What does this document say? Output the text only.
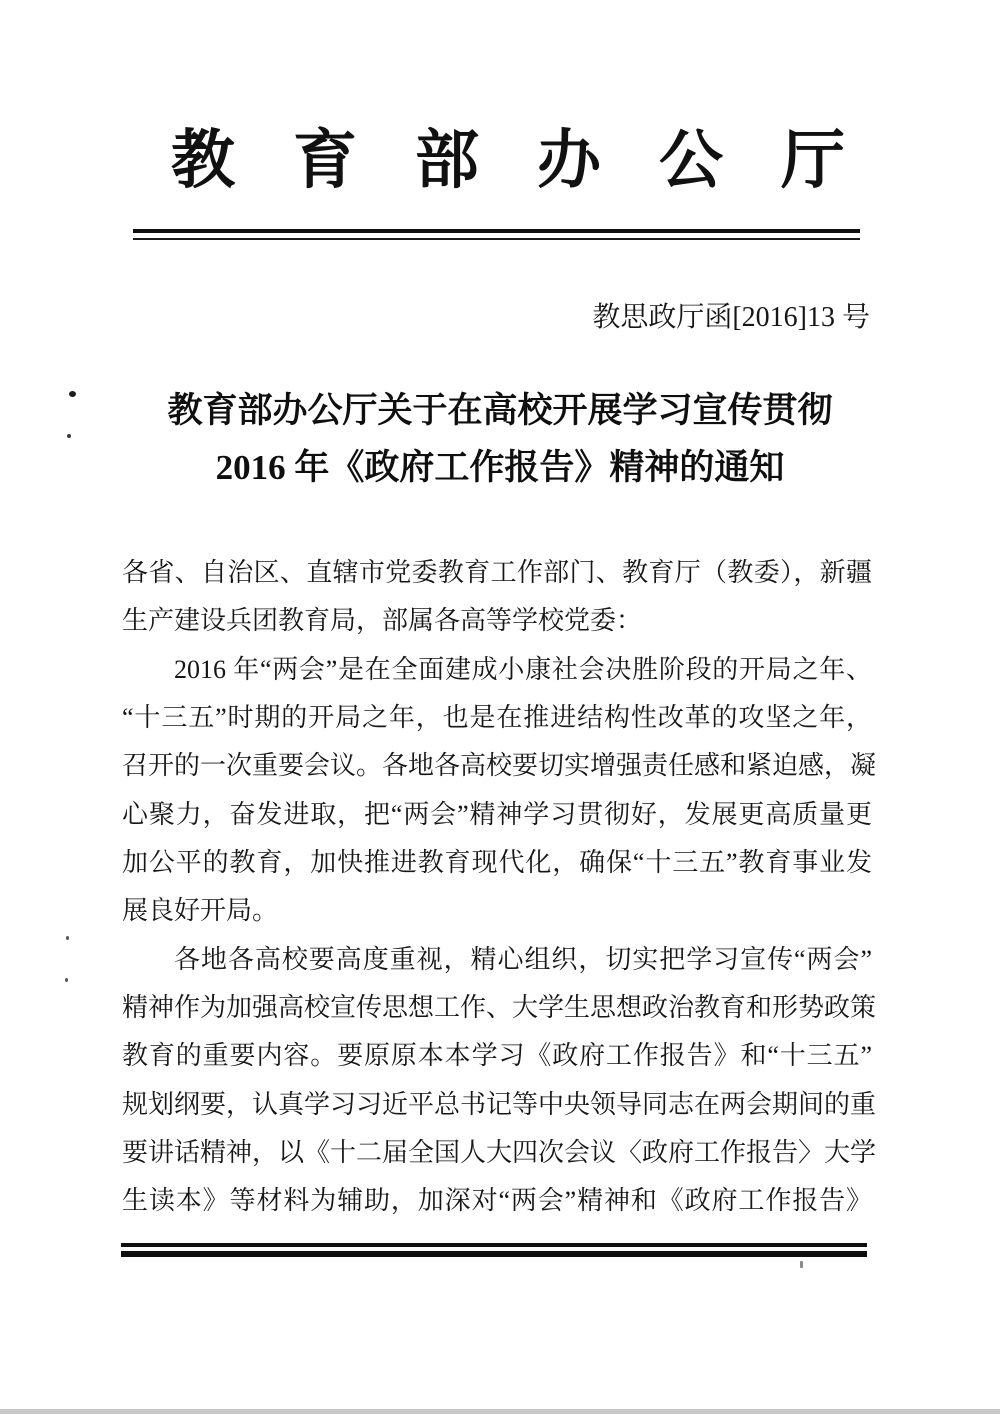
教育部办公厅
教思政厅函[2016]13 号
教育部办公厅关于在高校开展学习宣传贯彻
2016 年《政府工作报告》精神的通知
各省、自治区、直辖市党委教育工作部门、教育厅（教委），新疆
生产建设兵团教育局，部属各高等学校党委：
2016 年“两会”是在全面建成小康社会决胜阶段的开局之年、
“十三五”时期的开局之年，也是在推进结构性改革的攻坚之年，
召开的一次重要会议。各地各高校要切实增强责任感和紧迫感，凝
心聚力，奋发进取，把“两会”精神学习贯彻好，发展更高质量更
加公平的教育，加快推进教育现代化，确保“十三五”教育事业发
展良好开局。
各地各高校要高度重视，精心组织，切实把学习宣传“两会”
精神作为加强高校宣传思想工作、大学生思想政治教育和形势政策
教育的重要内容。要原原本本学习《政府工作报告》和“十三五”
规划纲要，认真学习习近平总书记等中央领导同志在两会期间的重
要讲话精神，以《十二届全国人大四次会议〈政府工作报告〉大学
生读本》等材料为辅助，加深对“两会”精神和《政府工作报告》
